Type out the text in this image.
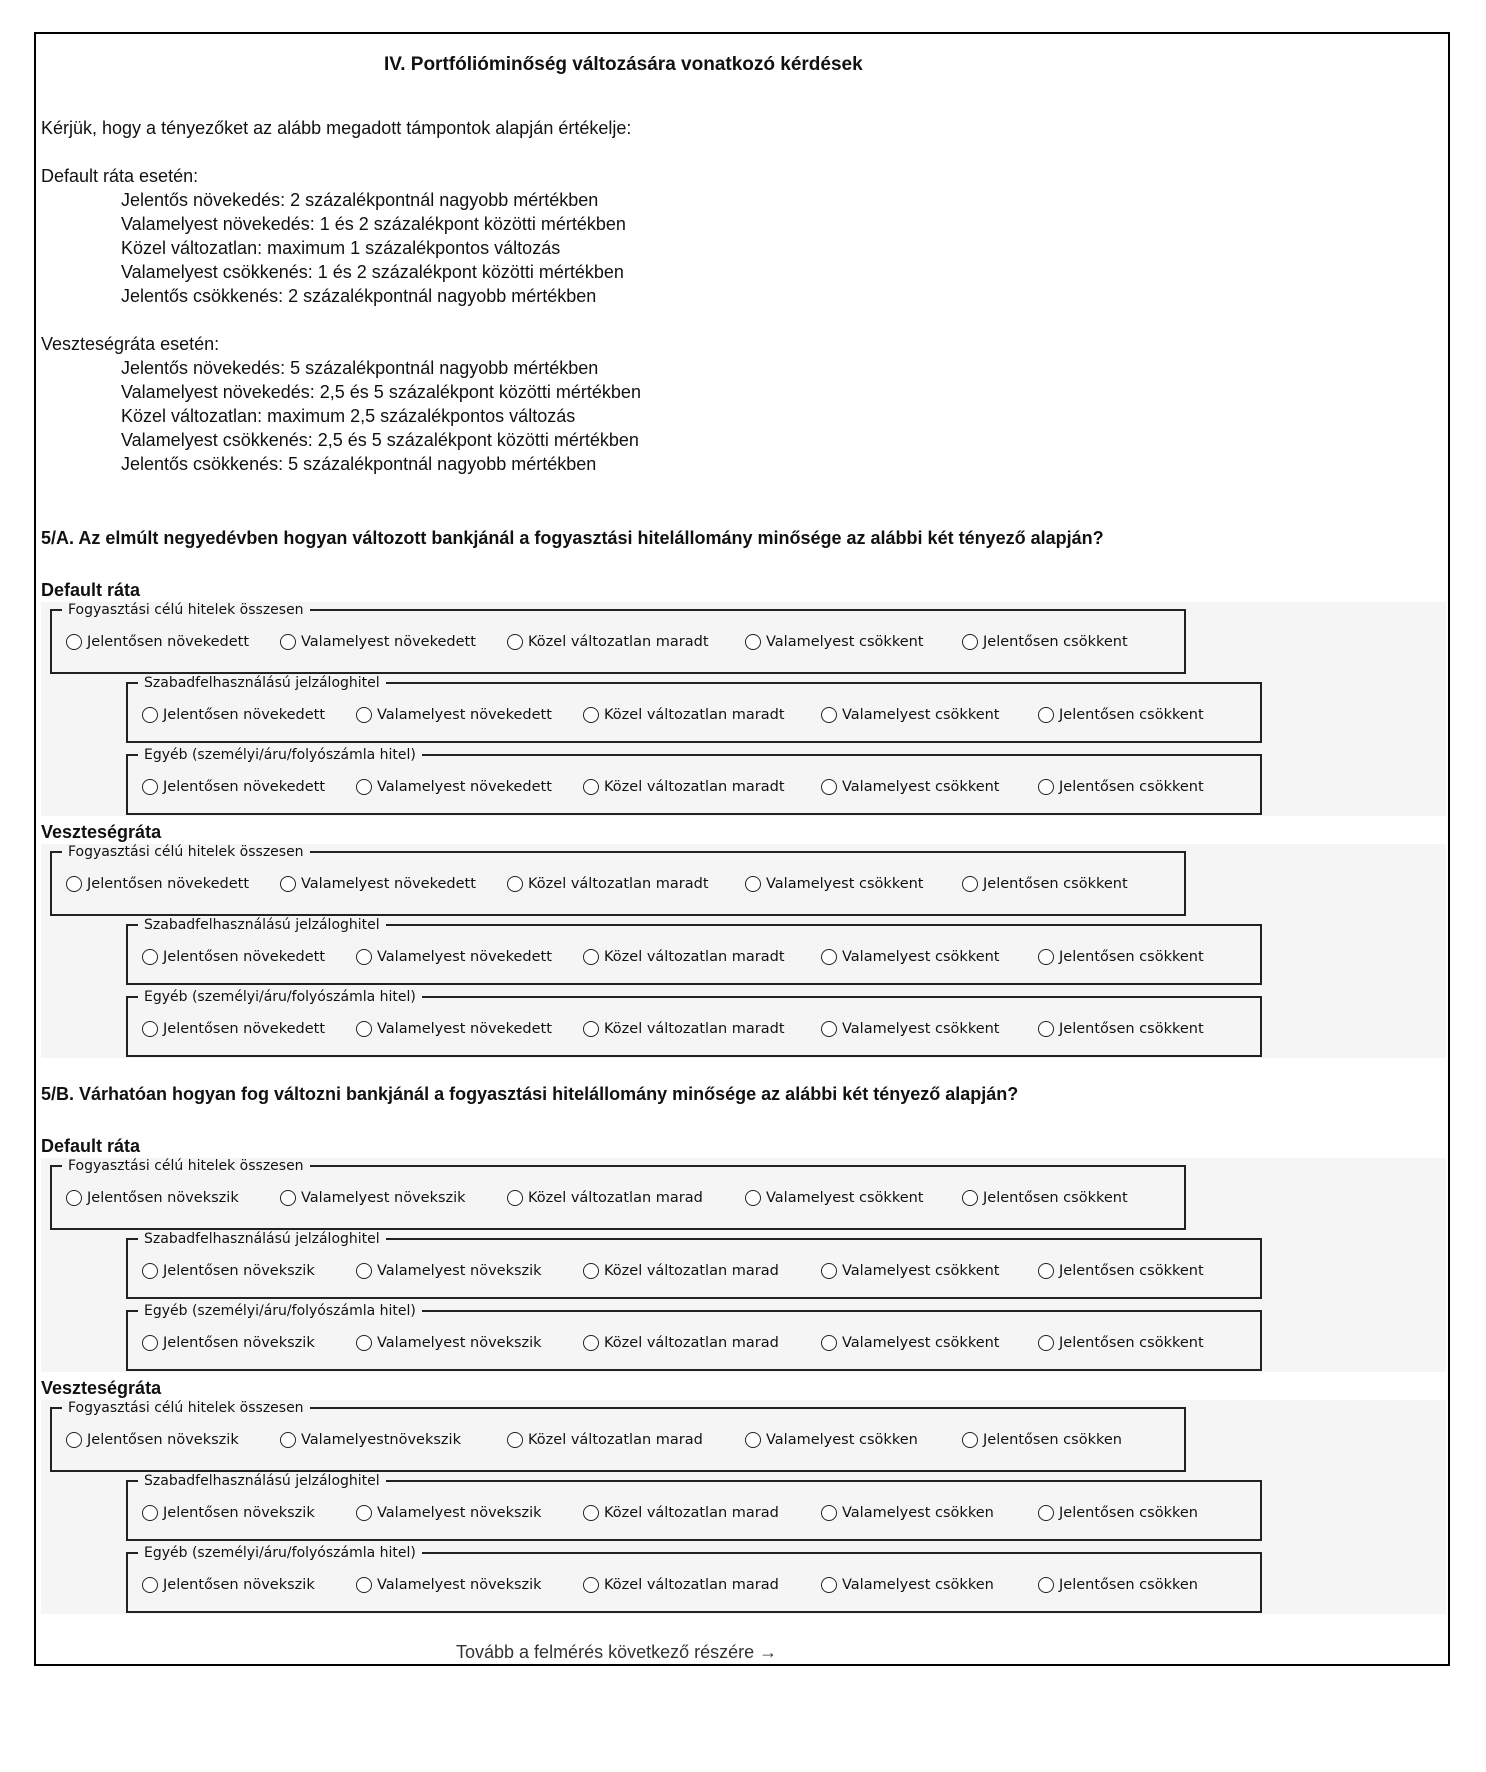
IV. Portfólióminőség változására vonatkozó kérdések
Kérjük, hogy a tényezőket az alább megadott támpontok alapján értékelje:
Default ráta esetén:
Jelentős növekedés: 2 százalékpontnál nagyobb mértékben
Valamelyest növekedés: 1 és 2 százalékpont közötti mértékben
Közel változatlan: maximum 1 százalékpontos változás
Valamelyest csökkenés: 1 és 2 százalékpont közötti mértékben
Jelentős csökkenés: 2 százalékpontnál nagyobb mértékben
Veszteségráta esetén:
Jelentős növekedés: 5 százalékpontnál nagyobb mértékben
Valamelyest növekedés: 2,5 és 5 százalékpont közötti mértékben
Közel változatlan: maximum 2,5 százalékpontos változás
Valamelyest csökkenés: 2,5 és 5 százalékpont közötti mértékben
Jelentős csökkenés: 5 százalékpontnál nagyobb mértékben
5/A. Az elmúlt negyedévben hogyan változott bankjánál a fogyasztási hitelállomány minősége az alábbi két tényező alapján?
Default ráta
Fogyasztási célú hitelek összesen
Jelentősen növekedett	Valamelyest növekedett	Közel változatlan maradt	Valamelyest csökkent	Jelentősen csökkent
Szabadfelhasználású jelzáloghitel
Jelentősen növekedett	Valamelyest növekedett	Közel változatlan maradt	Valamelyest csökkent	Jelentősen csökkent
Egyéb (személyi/áru/folyószámla hitel)
Jelentősen növekedett	Valamelyest növekedett	Közel változatlan maradt	Valamelyest csökkent	Jelentősen csökkent
Veszteségráta
Fogyasztási célú hitelek összesen
Jelentősen növekedett	Valamelyest növekedett	Közel változatlan maradt	Valamelyest csökkent	Jelentősen csökkent
Szabadfelhasználású jelzáloghitel
Jelentősen növekedett	Valamelyest növekedett	Közel változatlan maradt	Valamelyest csökkent	Jelentősen csökkent
Egyéb (személyi/áru/folyószámla hitel)
Jelentősen növekedett	Valamelyest növekedett	Közel változatlan maradt	Valamelyest csökkent	Jelentősen csökkent
5/B. Várhatóan hogyan fog változni bankjánál a fogyasztási hitelállomány minősége az alábbi két tényező alapján?
Default ráta
Fogyasztási célú hitelek összesen
Jelentősen növekszik	Valamelyest növekszik	Közel változatlan marad	Valamelyest csökkent	Jelentősen csökkent
Szabadfelhasználású jelzáloghitel
Jelentősen növekszik	Valamelyest növekszik	Közel változatlan marad	Valamelyest csökkent	Jelentősen csökkent
Egyéb (személyi/áru/folyószámla hitel)
Jelentősen növekszik	Valamelyest növekszik	Közel változatlan marad	Valamelyest csökkent	Jelentősen csökkent
Veszteségráta
Fogyasztási célú hitelek összesen
Jelentősen növekszik	Valamelyestnövekszik	Közel változatlan marad	Valamelyest csökken	Jelentősen csökken
Szabadfelhasználású jelzáloghitel
Jelentősen növekszik	Valamelyest növekszik	Közel változatlan marad	Valamelyest csökken	Jelentősen csökken
Egyéb (személyi/áru/folyószámla hitel)
Jelentősen növekszik	Valamelyest növekszik	Közel változatlan marad	Valamelyest csökken	Jelentősen csökken
Tovább a felmérés következő részére →
